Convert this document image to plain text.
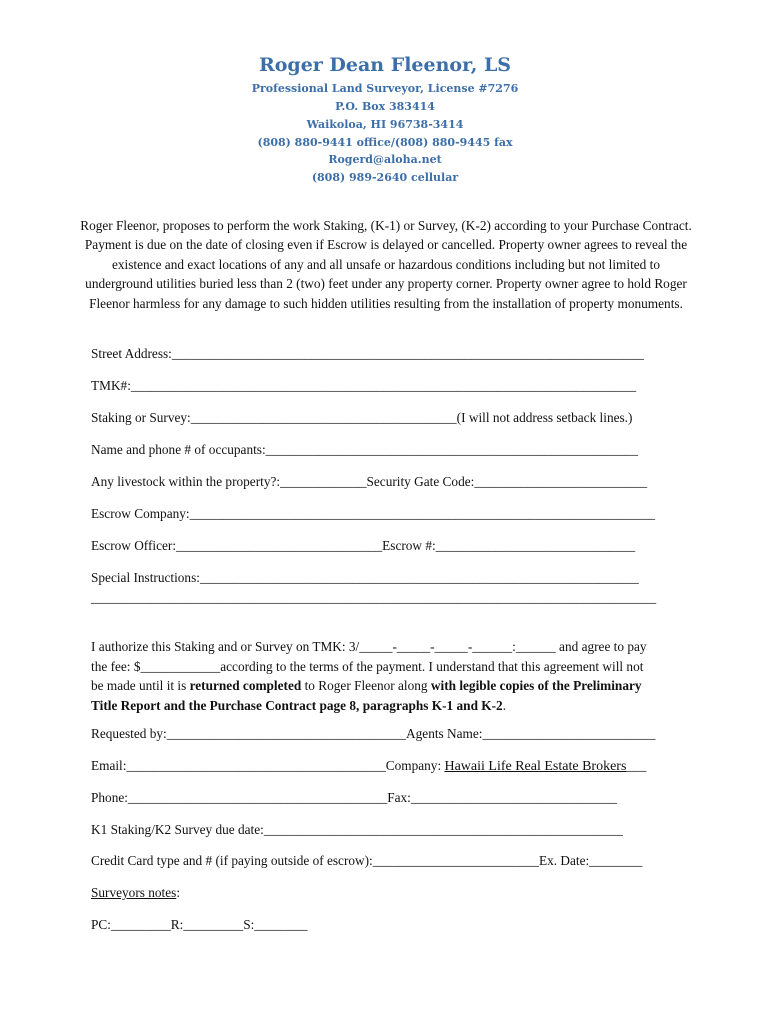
Roger Dean Fleenor, LS
Professional Land Surveyor, License #7276
P.O. Box 383414
Waikoloa, HI 96738-3414
(808) 880-9441 office/(808) 880-9445 fax
Rogerd@aloha.net
(808) 989-2640 cellular
Roger Fleenor, proposes to perform the work Staking, (K-1) or Survey, (K-2) according to your Purchase Contract. Payment is due on the date of closing even if Escrow is delayed or cancelled. Property owner agrees to reveal the existence and exact locations of any and all unsafe or hazardous conditions including but not limited to underground utilities buried less than 2 (two) feet under any property corner. Property owner agree to hold Roger Fleenor harmless for any damage to such hidden utilities resulting from the installation of property monuments.
Street Address:_______________________________________________________________________
TMK#:____________________________________________________________________________
Staking or Survey:________________________________________(I will not address setback lines.)
Name and phone # of occupants:________________________________________________________
Any livestock within the property?:_____________Security Gate Code:__________________________
Escrow Company:______________________________________________________________________
Escrow Officer:_______________________________Escrow #:______________________________
Special Instructions:__________________________________________________________________
_____________________________________________________________________________________
I authorize this Staking and or Survey on TMK: 3/_____-_____-_____-______:______ and agree to pay
the fee: $____________according to the terms of the payment. I understand that this agreement will not
be made until it is returned completed to Roger Fleenor along with legible copies of the Preliminary
Title Report and the Purchase Contract page 8, paragraphs K-1 and K-2.
Requested by:____________________________________Agents Name:__________________________
Email:_______________________________________Company: Hawaii Life Real Estate Brokers___
Phone:_______________________________________Fax:_______________________________
K1 Staking/K2 Survey due date:______________________________________________________
Credit Card type and # (if paying outside of escrow):_________________________Ex. Date:________
Surveyors notes:
PC:_________R:_________S:________
